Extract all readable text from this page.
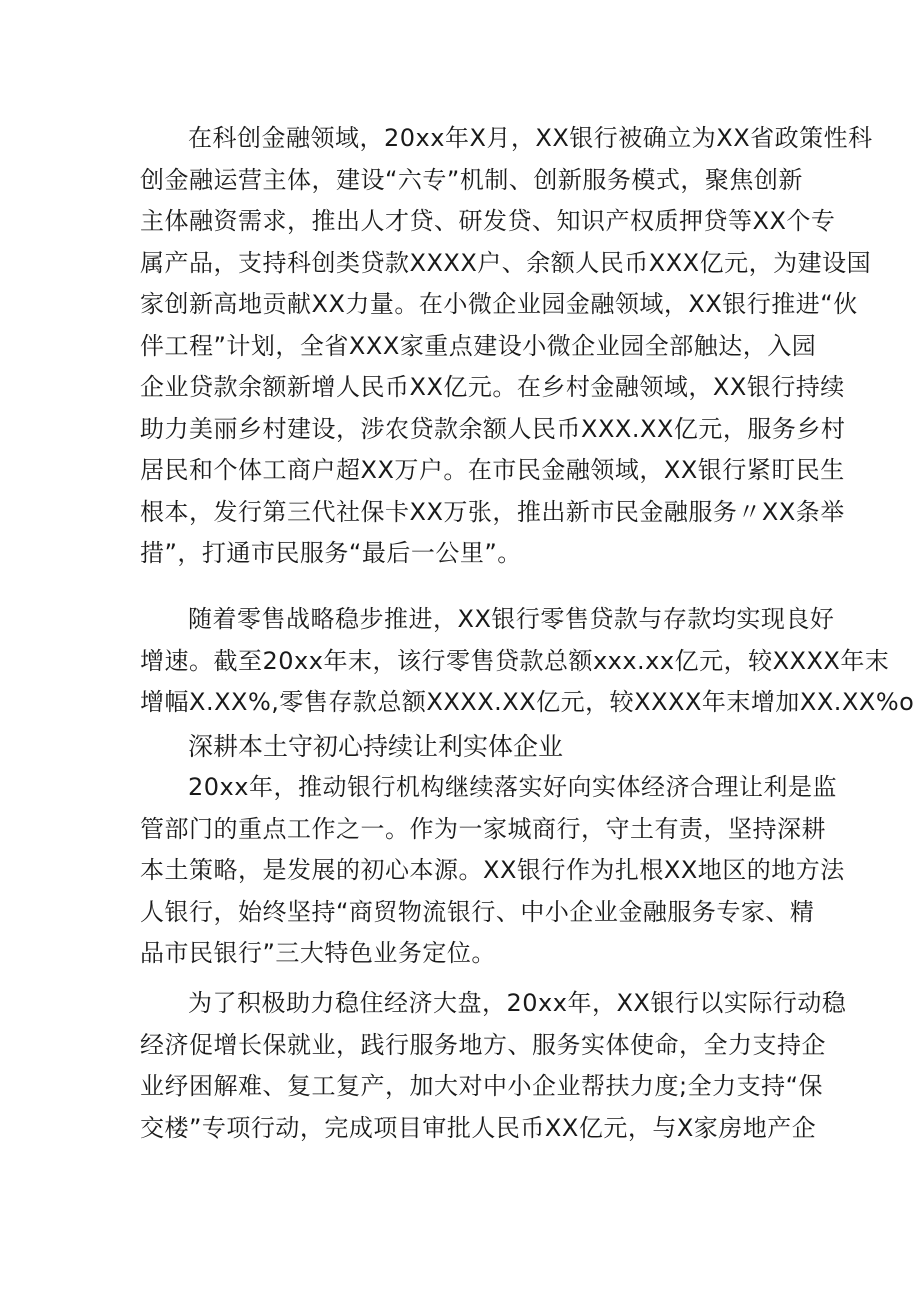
在科创金融领域，20xx年X月，XX银行被确立为XX省政策性科
创金融运营主体，建设“六专”机制、创新服务模式，聚焦创新
主体融资需求，推出人才贷、研发贷、知识产权质押贷等XX个专
属产品，支持科创类贷款XXXX户、余额人民币XXX亿元，为建设国
家创新高地贡献XX力量。在小微企业园金融领域，XX银行推进“伙
伴工程”计划，全省XXX家重点建设小微企业园全部触达，入园
企业贷款余额新增人民币XX亿元。在乡村金融领域，XX银行持续
助力美丽乡村建设，涉农贷款余额人民币XXX.XX亿元，服务乡村
居民和个体工商户超XX万户。在市民金融领域，XX银行紧盯民生
根本，发行第三代社保卡XX万张，推出新市民金融服务〃XX条举
措”，打通市民服务“最后一公里”。
随着零售战略稳步推进，XX银行零售贷款与存款均实现良好
增速。截至20xx年末，该行零售贷款总额xxx.xx亿元，较XXXX年末
增幅X.XX%,零售存款总额XXXX.XX亿元，较XXXX年末增加XX.XX%o
深耕本土守初心持续让利实体企业
20xx年，推动银行机构继续落实好向实体经济合理让利是监
管部门的重点工作之一。作为一家城商行，守土有责，坚持深耕
本土策略，是发展的初心本源。XX银行作为扎根XX地区的地方法
人银行，始终坚持“商贸物流银行、中小企业金融服务专家、精
品市民银行”三大特色业务定位。
为了积极助力稳住经济大盘，20xx年，XX银行以实际行动稳
经济促增长保就业，践行服务地方、服务实体使命，全力支持企
业纾困解难、复工复产，加大对中小企业帮扶力度;全力支持“保
交楼”专项行动，完成项目审批人民币XX亿元，与X家房地产企
